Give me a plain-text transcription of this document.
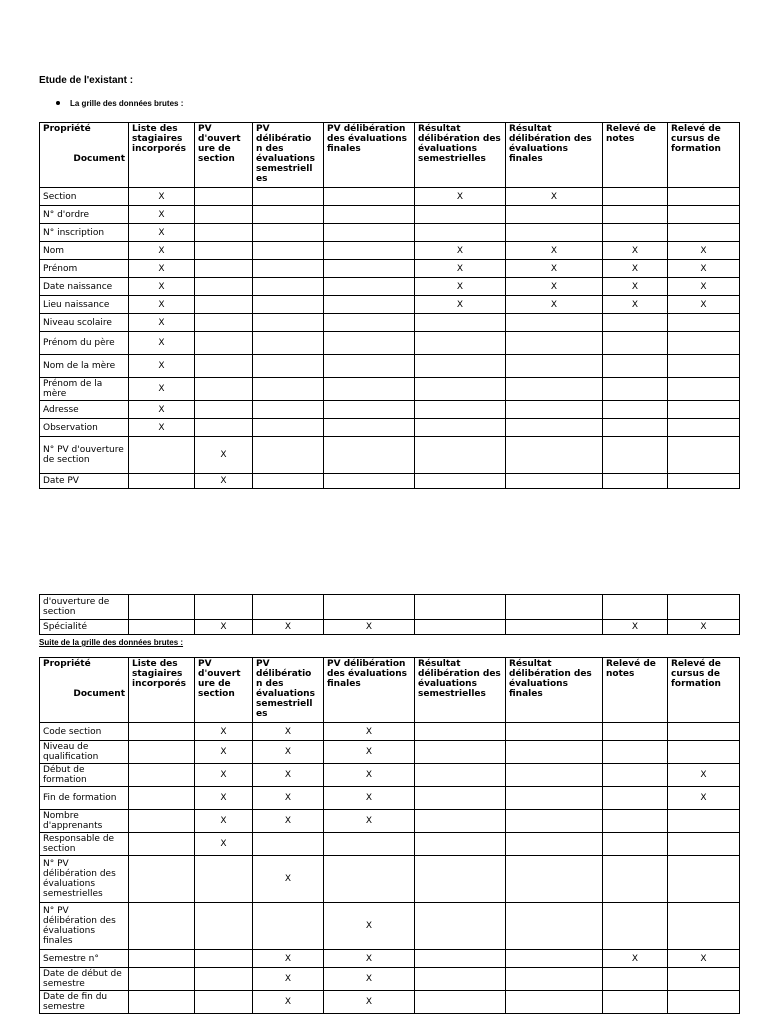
Etude de l'existant :
La grille des données brutes :
Propriété
Document	Liste des stagiaires incorporés	PV d'ouvert ure de section	PV délibératio n des évaluations semestriell es	PV délibération des évaluations finales	Résultat délibération des évaluations semestrielles	Résultat délibération des évaluations finales	Relevé de notes	Relevé de cursus de formation
Section	X				X	X		
N° d'ordre	X							
N° inscription	X							
Nom	X				X	X	X	X
Prénom	X				X	X	X	X
Date naissance	X				X	X	X	X
Lieu naissance	X				X	X	X	X
Niveau scolaire	X							
Prénom du père	X							
Nom de la mère	X							
Prénom de la mère	X							
Adresse	X							
Observation	X							
N° PV d'ouverture de section		X						
Date PV		X						
d'ouverture de section								
Spécialité		X	X	X			X	X
Suite de la grille des données brutes :
Propriété
Document	Liste des stagiaires incorporés	PV d'ouvert ure de section	PV délibératio n des évaluations semestriell es	PV délibération des évaluations finales	Résultat délibération des évaluations semestrielles	Résultat délibération des évaluations finales	Relevé de notes	Relevé de cursus de formation
Code section		X	X	X				
Niveau de qualification		X	X	X				
Début de formation		X	X	X				X
Fin de formation		X	X	X				X
Nombre d'apprenants		X	X	X				
Responsable de section		X						
N° PV délibération des évaluations semestrielles			X					
N° PV délibération des évaluations finales				X				
Semestre n°			X	X			X	X
Date de début de semestre			X	X				
Date de fin du semestre			X	X				
